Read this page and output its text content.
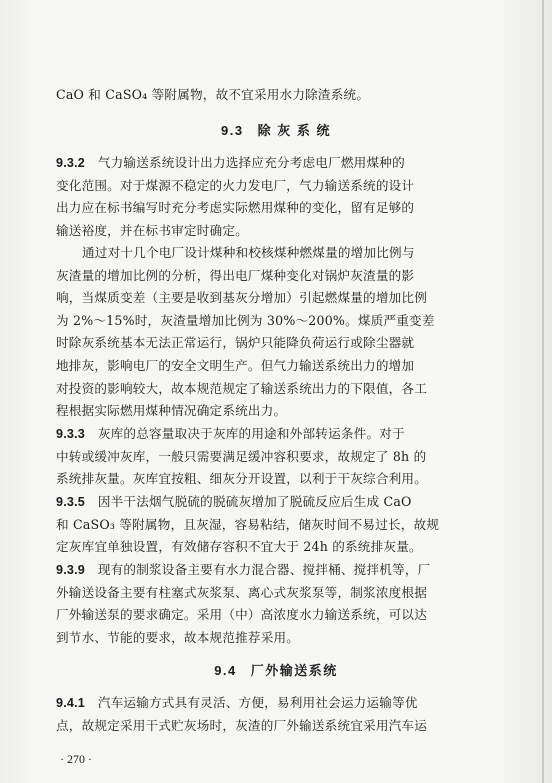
CaO 和 CaSO₄ 等附属物，故不宜采用水力除渣系统。
9.3 除 灰 系 统
9.3.2　 气力输送系统设计出力选择应充分考虑电厂燃用煤种的
变化范围。对于煤源不稳定的火力发电厂，气力输送系统的设计
出力应在标书编写时充分考虑实际燃用煤种的变化，留有足够的
输送裕度，并在标书审定时确定。
通过对十几个电厂设计煤种和校核煤种燃煤量的增加比例与
灰渣量的增加比例的分析，得出电厂煤种变化对锅炉灰渣量的影
响，当煤质变差（主要是收到基灰分增加）引起燃煤量的增加比例
为 2%～15%时，灰渣量增加比例为 30%～200%。煤质严重变差
时除灰系统基本无法正常运行，锅炉只能降负荷运行或除尘器就
地排灰，影响电厂的安全文明生产。但气力输送系统出力的增加
对投资的影响较大，故本规范规定了输送系统出力的下限值，各工
程根据实际燃用煤种情况确定系统出力。
9.3.3　 灰库的总容量取决于灰库的用途和外部转运条件。对于
中转或缓冲灰库，一般只需要满足缓冲容积要求，故规定了 8h 的
系统排灰量。灰库宜按粗、细灰分开设置，以利于干灰综合利用。
9.3.5　 因半干法烟气脱硫的脱硫灰增加了脱硫反应后生成 CaO
和 CaSO₃ 等附属物，且灰湿，容易粘结，储灰时间不易过长，故规
定灰库宜单独设置，有效储存容积不宜大于 24h 的系统排灰量。
9.3.9　 现有的制浆设备主要有水力混合器、搅拌桶、搅拌机等，厂
外输送设备主要有柱塞式灰浆泵、离心式灰浆泵等，制浆浓度根据
厂外输送泵的要求确定。采用（中）高浓度水力输送系统，可以达
到节水、节能的要求，故本规范推荐采用。
9.4 厂外输送系统
9.4.1　 汽车运输方式具有灵活、方便，易利用社会运力运输等优
点，故规定采用干式贮灰场时，灰渣的厂外输送系统宜采用汽车运
· 270 ·
